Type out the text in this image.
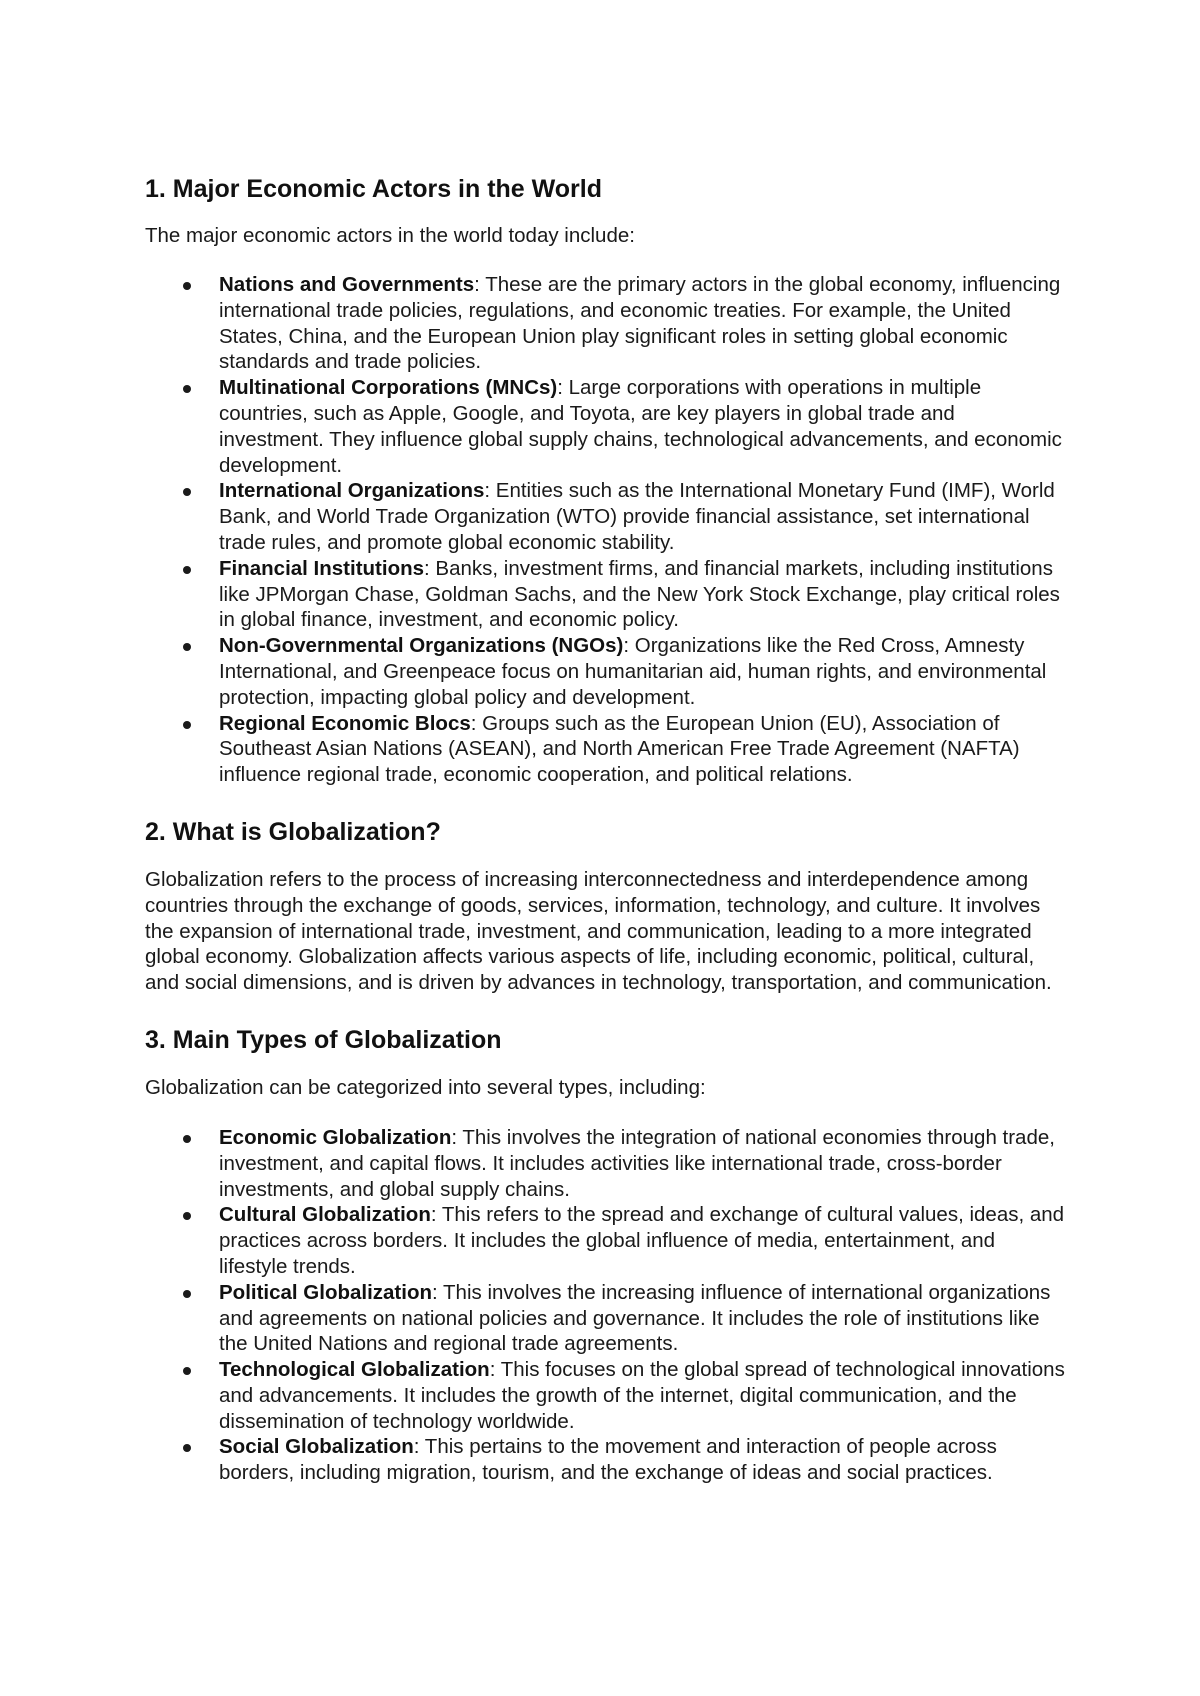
1. Major Economic Actors in the World

The major economic actors in the world today include:

Nations and Governments: These are the primary actors in the global economy, influencing international trade policies, regulations, and economic treaties. For example, the United States, China, and the European Union play significant roles in setting global economic standards and trade policies.
Multinational Corporations (MNCs): Large corporations with operations in multiple countries, such as Apple, Google, and Toyota, are key players in global trade and investment. They influence global supply chains, technological advancements, and economic development.
International Organizations: Entities such as the International Monetary Fund (IMF), World Bank, and World Trade Organization (WTO) provide financial assistance, set international trade rules, and promote global economic stability.
Financial Institutions: Banks, investment firms, and financial markets, including institutions like JPMorgan Chase, Goldman Sachs, and the New York Stock Exchange, play critical roles in global finance, investment, and economic policy.
Non-Governmental Organizations (NGOs): Organizations like the Red Cross, Amnesty International, and Greenpeace focus on humanitarian aid, human rights, and environmental protection, impacting global policy and development.
Regional Economic Blocs: Groups such as the European Union (EU), Association of Southeast Asian Nations (ASEAN), and North American Free Trade Agreement (NAFTA) influence regional trade, economic cooperation, and political relations.
2. What is Globalization?

Globalization refers to the process of increasing interconnectedness and interdependence among countries through the exchange of goods, services, information, technology, and culture. It involves the expansion of international trade, investment, and communication, leading to a more integrated global economy. Globalization affects various aspects of life, including economic, political, cultural, and social dimensions, and is driven by advances in technology, transportation, and communication.

3. Main Types of Globalization

Globalization can be categorized into several types, including:

Economic Globalization: This involves the integration of national economies through trade, investment, and capital flows. It includes activities like international trade, cross-border investments, and global supply chains.
Cultural Globalization: This refers to the spread and exchange of cultural values, ideas, and practices across borders. It includes the global influence of media, entertainment, and lifestyle trends.
Political Globalization: This involves the increasing influence of international organizations and agreements on national policies and governance. It includes the role of institutions like the United Nations and regional trade agreements.
Technological Globalization: This focuses on the global spread of technological innovations and advancements. It includes the growth of the internet, digital communication, and the dissemination of technology worldwide.
Social Globalization: This pertains to the movement and interaction of people across borders, including migration, tourism, and the exchange of ideas and social practices.
